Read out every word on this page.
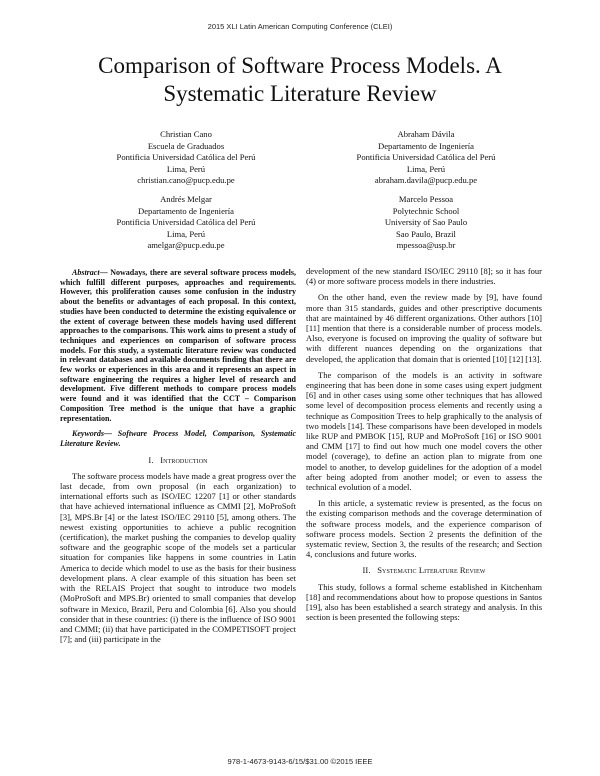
2015 XLI Latin American Computing Conference (CLEI)
Comparison of Software Process Models. A Systematic Literature Review
Christian Cano
Escuela de Graduados
Pontificia Universidad Católica del Perú
Lima, Perú
christian.cano@pucp.edu.pe
Abraham Dávila
Departamento de Ingeniería
Pontificia Universidad Católica del Perú
Lima, Perú
abraham.davila@pucp.edu.pe
Andrés Melgar
Departamento de Ingeniería
Pontificia Universidad Católica del Perú
Lima, Perú
amelgar@pucp.edu.pe
Marcelo Pessoa
Polytechnic School
University of Sao Paulo
Sao Paulo, Brazil
mpessoa@usp.br

Abstract— Nowadays, there are several software process models, which fulfill different purposes, approaches and requirements. However, this proliferation causes some confusion in the industry about the benefits or advantages of each proposal. In this context, studies have been conducted to determine the existing equivalence or the extent of coverage between these models having used different approaches to the comparisons. This work aims to present a study of techniques and experiences on comparison of software process models. For this study, a systematic literature review was conducted in relevant databases and available documents finding that there are few works or experiences in this area and it represents an aspect in software engineering the requires a higher level of research and development. Five different methods to compare process models were found and it was identified that the CCT – Comparison Composition Tree method is the unique that have a graphic representation.

Keywords— Software Process Model, Comparison, Systematic Literature Review.

I. Introduction

The software process models have made a great progress over the last decade, from own proposal (in each organization) to international efforts such as ISO/IEC 12207 [1] or other standards that have achieved international influence as CMMI [2], MoProSoft [3], MPS.Br [4] or the latest ISO/IEC 29110 [5], among others. The newest existing opportunities to achieve a public recognition (certification), the market pushing the companies to develop quality software and the geographic scope of the models set a particular situation for companies like happens in some countries in Latin America to decide which model to use as the basis for their business development plans. A clear example of this situation has been set with the RELAIS Project that sought to introduce two models (MoProSoft and MPS.Br) oriented to small companies that develop software in Mexico, Brazil, Peru and Colombia [6]. Also you should consider that in these countries: (i) there is the influence of ISO 9001 and CMMI; (ii) that have participated in the COMPETISOFT project [7]; and (iii) participate in the

development of the new standard ISO/IEC 29110 [8]; so it has four (4) or more software process models in there industries.

On the other hand, even the review made by [9], have found more than 315 standards, guides and other prescriptive documents that are maintained by 46 different organizations. Other authors [10] [11] mention that there is a considerable number of process models. Also, everyone is focused on improving the quality of software but with different nuances depending on the organizations that developed, the application that domain that is oriented [10] [12] [13].

The comparison of the models is an activity in software engineering that has been done in some cases using expert judgment [6] and in other cases using some other techniques that has allowed some level of decomposition process elements and recently using a technique as Composition Trees to help graphically to the analysis of two models [14]. These comparisons have been developed in models like RUP and PMBOK [15], RUP and MoProSoft [16] or ISO 9001 and CMM [17] to find out how much one model covers the other model (coverage), to define an action plan to migrate from one model to another, to develop guidelines for the adoption of a model after being adopted from another model; or even to assess the technical evolution of a model.

In this article, a systematic review is presented, as the focus on the existing comparison methods and the coverage determination of the software process models, and the experience comparison of software process models. Section 2 presents the definition of the systematic review, Section 3, the results of the research; and Section 4, conclusions and future works.

II. Systematic Literature Review

This study, follows a formal scheme established in Kitchenham [18] and recommendations about how to propose questions in Santos [19], also has been established a search strategy and analysis. In this section is been presented the following steps:

978-1-4673-9143-6/15/$31.00 ©2015 IEEE
